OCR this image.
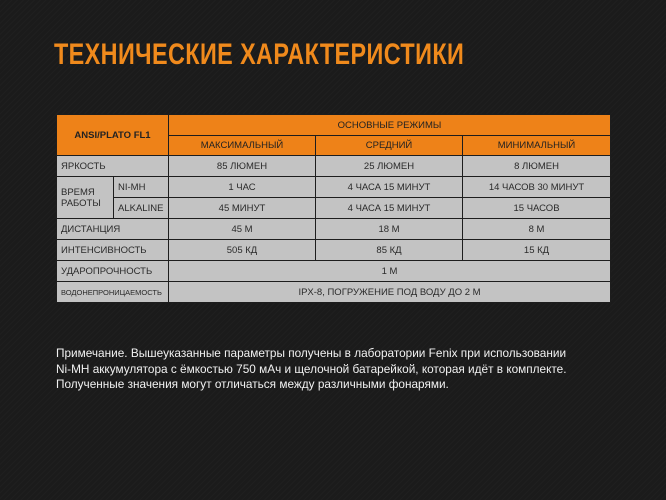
ТЕХНИЧЕСКИЕ ХАРАКТЕРИСТИКИ
ANSI/PLATO FL1		ОСНОВНЫЕ РЕЖИМЫ		
		МАКСИМАЛЬНЫЙ	СРЕДНИЙ	МИНИМАЛЬНЫЙ
ЯРКОСТЬ		85 ЛЮМЕН	25 ЛЮМЕН	8 ЛЮМЕН

ВРЕМЯ
РАБОТЫ	NI-MH	1 ЧАС	4 ЧАСА 15 МИНУТ	14 ЧАСОВ 30 МИНУТ
	ALKALINE	45 МИНУТ	4 ЧАСА 15 МИНУТ	15 ЧАСОВ
ДИСТАНЦИЯ		45 М	18 М	8 М
ИНТЕНСИВНОСТЬ		505 КД	85 КД	15 КД
УДАРОПРОЧНОСТЬ		1 М		
ВОДОНЕПРОНИЦАЕМОСТЬ		IPX-8, ПОГРУЖЕНИЕ ПОД ВОДУ ДО 2 М		
Примечание. Вышеуказанные параметры получены в лаборатории Fenix при использовании
Ni-MH аккумулятора с ёмкостью 750 мАч и щелочной батарейкой, которая идёт в комплекте.
Полученные значения могут отличаться между различными фонарями.
